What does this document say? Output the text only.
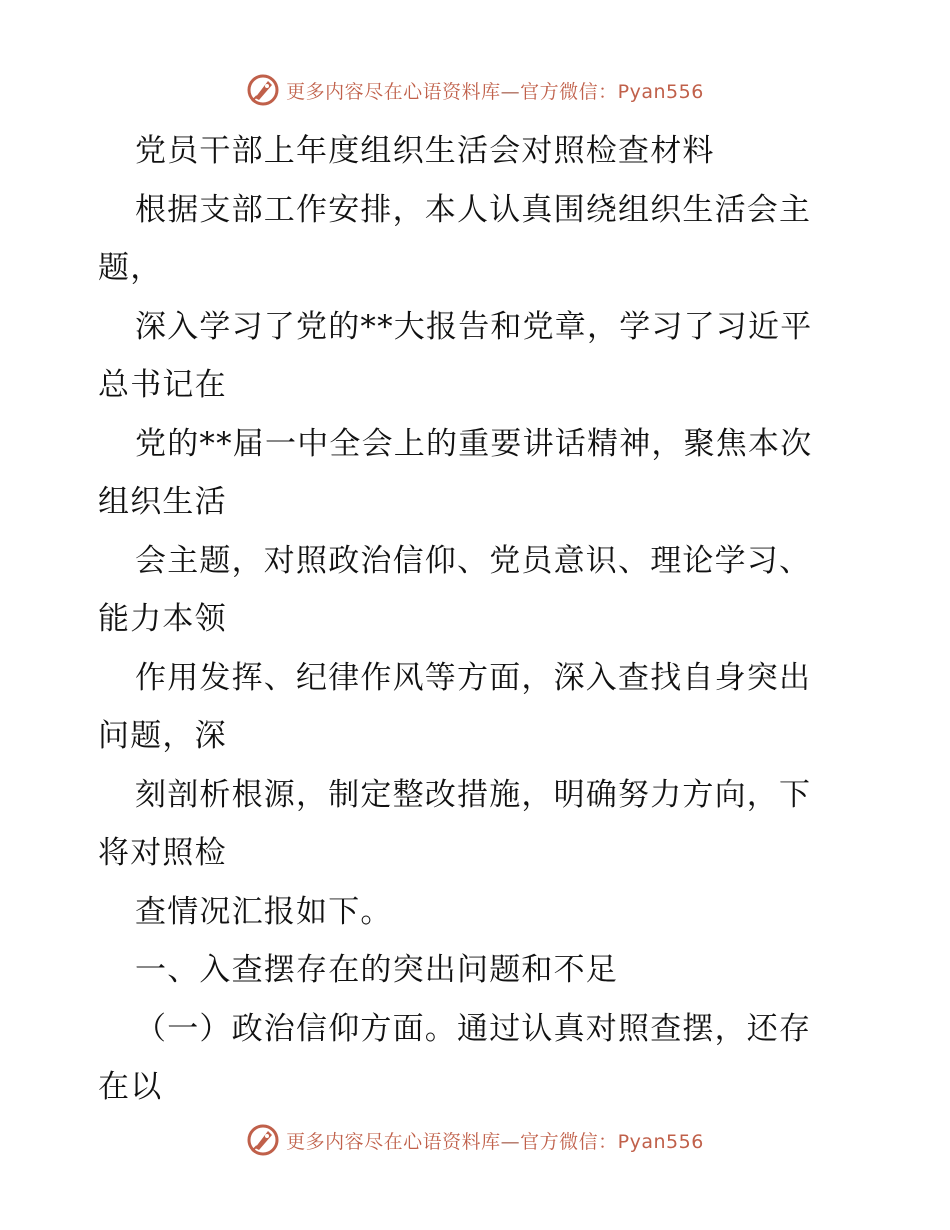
更多内容尽在心语资料库—官方微信：Pyan556
党员干部上年度组织生活会对照检查材料
根据支部工作安排，本人认真围绕组织生活会主
题，
深入学习了党的**大报告和党章，学习了习近平
总书记在
党的**届一中全会上的重要讲话精神，聚焦本次
组织生活
会主题，对照政治信仰、党员意识、理论学习、
能力本领
作用发挥、纪律作风等方面，深入查找自身突出
问题，深
刻剖析根源，制定整改措施，明确努力方向，下
将对照检
查情况汇报如下。
一、入查摆存在的突出问题和不足
（一）政治信仰方面。通过认真对照查摆，还存
在以
更多内容尽在心语资料库—官方微信：Pyan556
